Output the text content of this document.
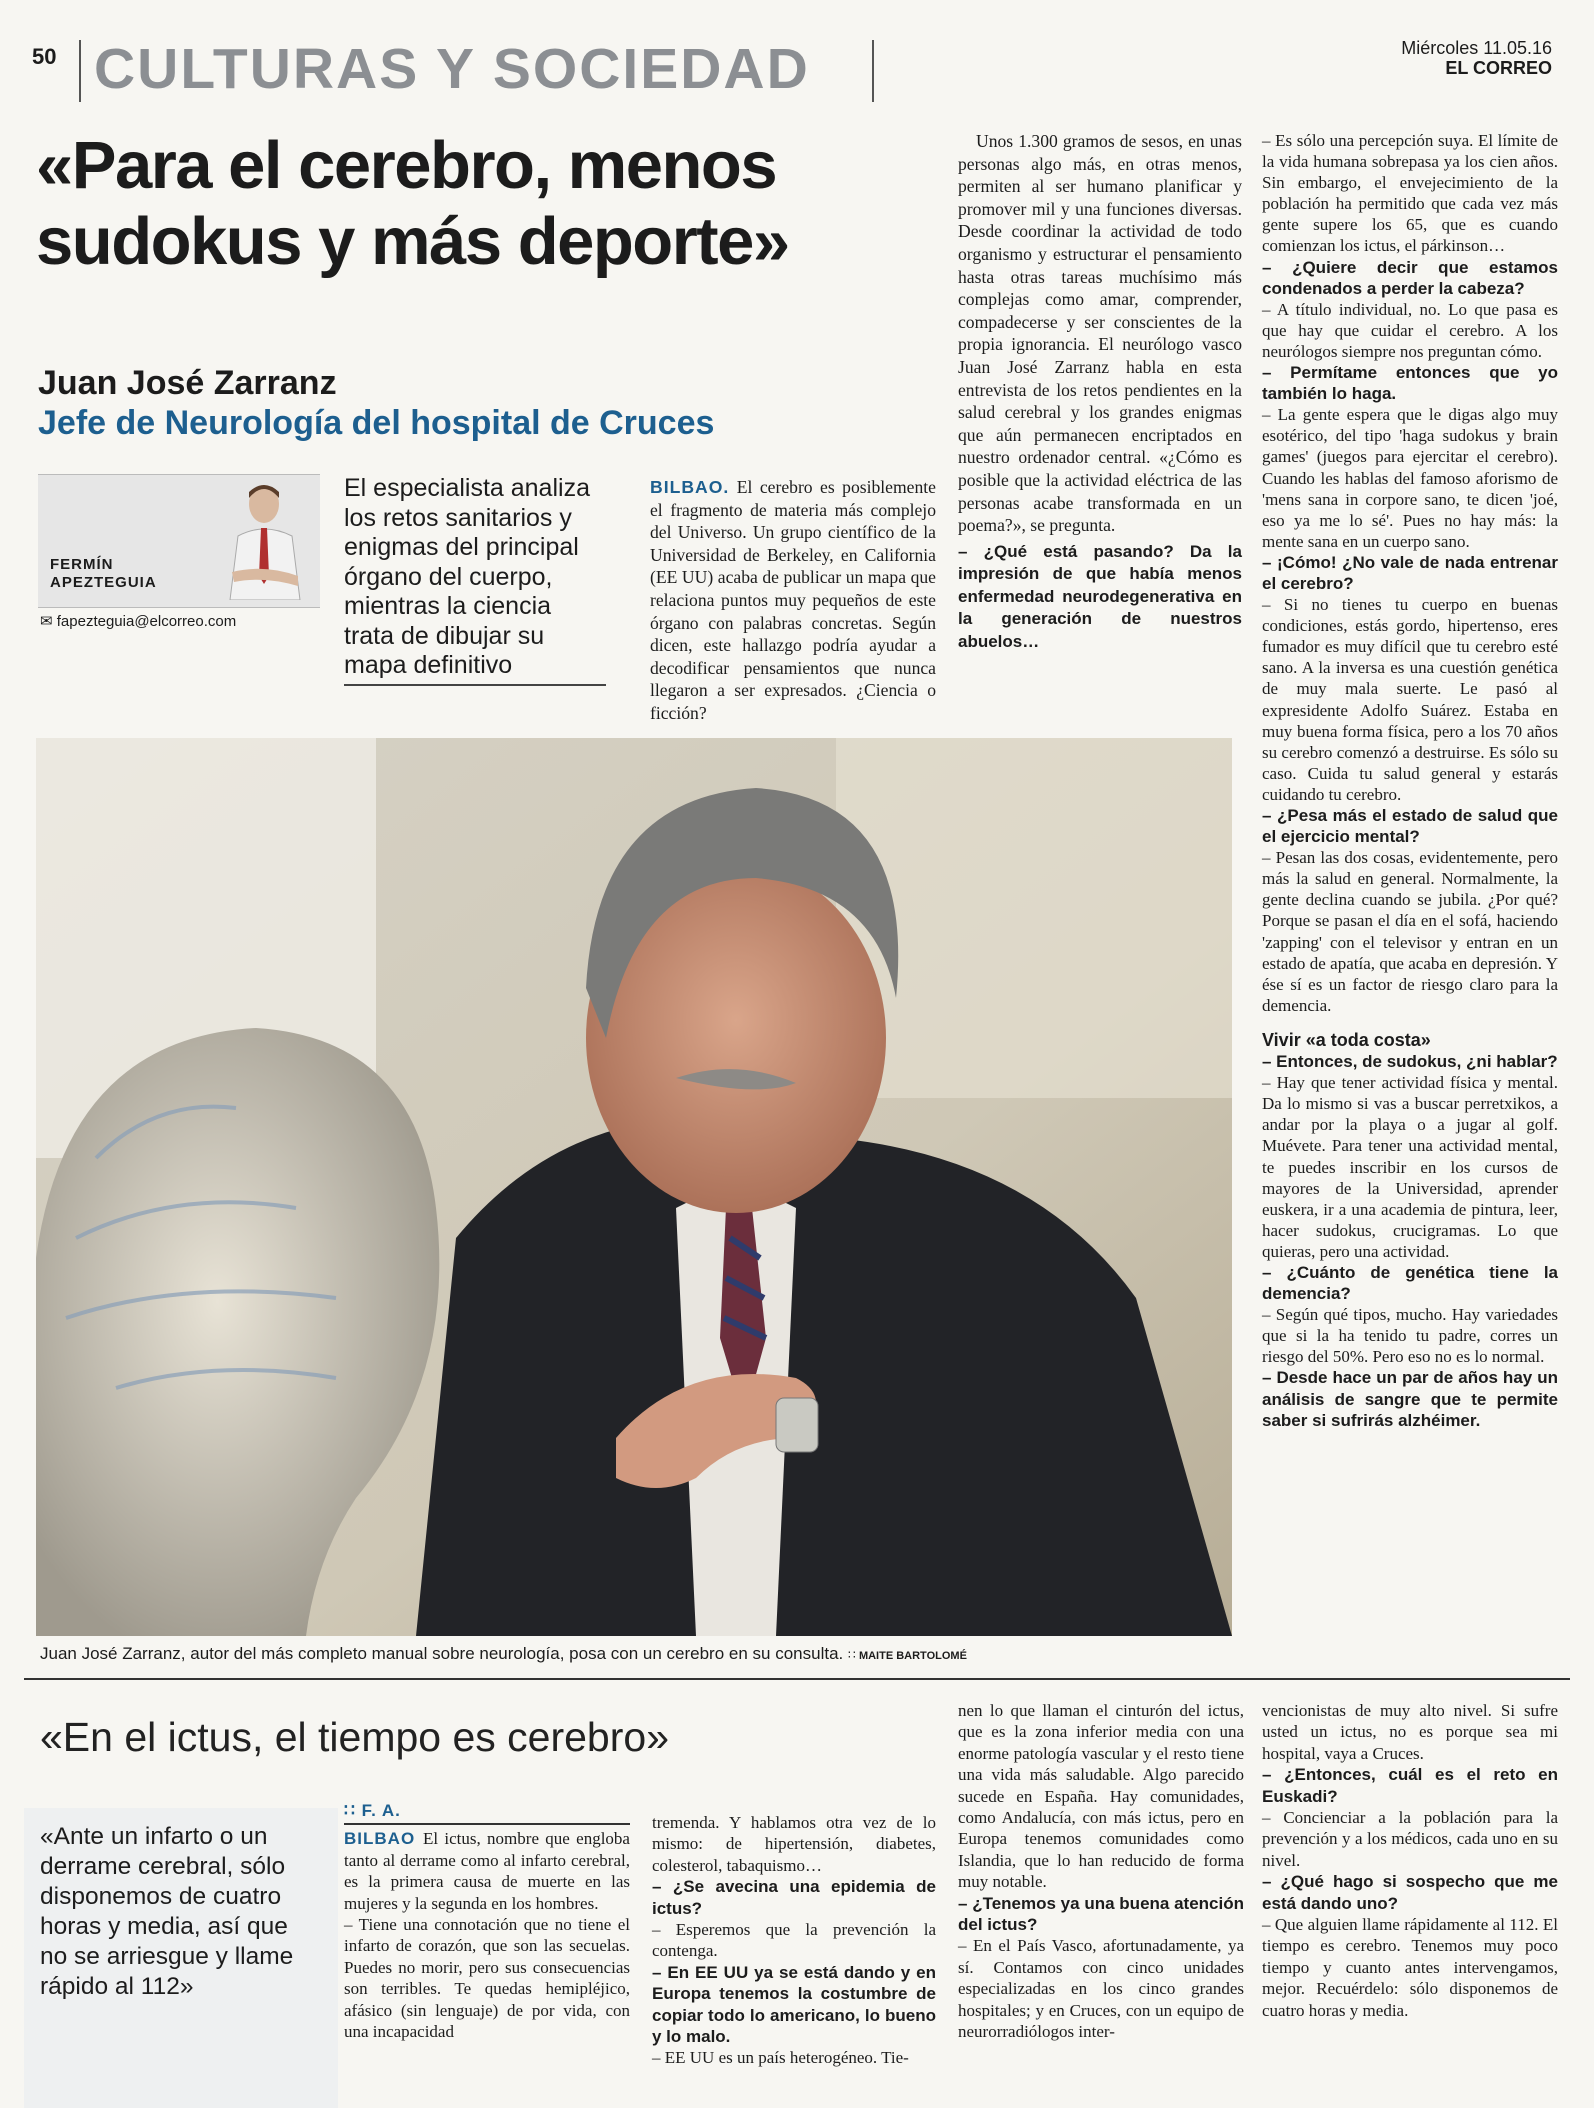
50 CULTURAS Y SOCIEDAD	Miércoles 11.05.16
EL CORREO
«Para el cerebro, menos sudokus y más deporte»
Juan José Zarranz
Jefe de Neurología del hospital de Cruces
FERMÍN
APEZTEGUIA
✉ fapezteguia@elcorreo.com
El especialista analiza los retos sanitarios y enigmas del principal órgano del cuerpo, mientras la ciencia trata de dibujar su mapa definitivo

BILBAO. El cerebro es posiblemente el fragmento de materia más complejo del Universo. Un grupo científico de la Universidad de Berkeley, en California (EE UU) acaba de publicar un mapa que relaciona puntos muy pequeños de este órgano con palabras concretas. Según dicen, este hallazgo podría ayudar a decodificar pensamientos que nunca llegaron a ser expresados. ¿Ciencia o ficción?

Unos 1.300 gramos de sesos, en unas personas algo más, en otras menos, permiten al ser humano planificar y promover mil y una funciones diversas. Desde coordinar la actividad de todo organismo y estructurar el pensamiento hasta otras tareas muchísimo más complejas como amar, comprender, compadecerse y ser conscientes de la propia ignorancia. El neurólogo vasco Juan José Zarranz habla en esta entrevista de los retos pendientes en la salud cerebral y los grandes enigmas que aún permanecen encriptados en nuestro ordenador central. «¿Cómo es posible que la actividad eléctrica de las personas acabe transformada en un poema?», se pregunta.

– ¿Qué está pasando? Da la impresión de que había menos enfermedad neurodegenerativa en la generación de nuestros abuelos…

– Es sólo una percepción suya. El límite de la vida humana sobrepasa ya los cien años. Sin embargo, el envejecimiento de la población ha permitido que cada vez más gente supere los 65, que es cuando comienzan los ictus, el párkinson…

– ¿Quiere decir que estamos condenados a perder la cabeza?

– A título individual, no. Lo que pasa es que hay que cuidar el cerebro. A los neurólogos siempre nos preguntan cómo.

– Permítame entonces que yo también lo haga.

– La gente espera que le digas algo muy esotérico, del tipo 'haga sudokus y brain games' (juegos para ejercitar el cerebro). Cuando les hablas del famoso aforismo de 'mens sana in corpore sano, te dicen 'joé, eso ya me lo sé'. Pues no hay más: la mente sana en un cuerpo sano.

– ¡Cómo! ¿No vale de nada entrenar el cerebro?

– Si no tienes tu cuerpo en buenas condiciones, estás gordo, hipertenso, eres fumador es muy difícil que tu cerebro esté sano. A la inversa es una cuestión genética de muy mala suerte. Le pasó al expresidente Adolfo Suárez. Estaba en muy buena forma física, pero a los 70 años su cerebro comenzó a destruirse. Es sólo su caso. Cuida tu salud general y estarás cuidando tu cerebro.

– ¿Pesa más el estado de salud que el ejercicio mental?

– Pesan las dos cosas, evidentemente, pero más la salud en general. Normalmente, la gente declina cuando se jubila. ¿Por qué? Porque se pasan el día en el sofá, haciendo 'zapping' con el televisor y entran en un estado de apatía, que acaba en depresión. Y ése sí es un factor de riesgo claro para la demencia.

Vivir «a toda costa»

– Entonces, de sudokus, ¿ni hablar?

– Hay que tener actividad física y mental. Da lo mismo si vas a buscar perretxikos, a andar por la playa o a jugar al golf. Muévete. Para tener una actividad mental, te puedes inscribir en los cursos de mayores de la Universidad, aprender euskera, ir a una academia de pintura, leer, hacer sudokus, crucigramas. Lo que quieras, pero una actividad.

– ¿Cuánto de genética tiene la demencia?

– Según qué tipos, mucho. Hay variedades que si la ha tenido tu padre, corres un riesgo del 50%. Pero eso no es lo normal.

– Desde hace un par de años hay un análisis de sangre que te permite saber si sufrirás alzhéimer.

Juan José Zarranz, autor del más completo manual sobre neurología, posa con un cerebro en su consulta. ∷ MAITE BARTOLOMÉ
«En el ictus, el tiempo es cerebro»
«Ante un infarto o un derrame cerebral, sólo disponemos de cuatro horas y media, así que no se arriesgue y llame rápido al 112»

∷ F. A.

BILBAO El ictus, nombre que engloba tanto al derrame como al infarto cerebral, es la primera causa de muerte en las mujeres y la segunda en los hombres.

– Tiene una connotación que no tiene el infarto de corazón, que son las secuelas. Puedes no morir, pero sus consecuencias son terribles. Te quedas hemipléjico, afásico (sin lenguaje) de por vida, con una incapacidad

tremenda. Y hablamos otra vez de lo mismo: de hipertensión, diabetes, colesterol, tabaquismo…

– ¿Se avecina una epidemia de ictus?

– Esperemos que la prevención la contenga.

– En EE UU ya se está dando y en Europa tenemos la costumbre de copiar todo lo americano, lo bueno y lo malo.

– EE UU es un país heterogéneo. Tie-

nen lo que llaman el cinturón del ictus, que es la zona inferior media con una enorme patología vascular y el resto tiene una vida más saludable. Algo parecido sucede en España. Hay comunidades, como Andalucía, con más ictus, pero en Europa tenemos comunidades como Islandia, que lo han reducido de forma muy notable.

– ¿Tenemos ya una buena atención del ictus?

– En el País Vasco, afortunadamente, ya sí. Contamos con cinco unidades especializadas en los cinco grandes hospitales; y en Cruces, con un equipo de neurorradiólogos inter-

vencionistas de muy alto nivel. Si sufre usted un ictus, no es porque sea mi hospital, vaya a Cruces.

– ¿Entonces, cuál es el reto en Euskadi?

– Concienciar a la población para la prevención y a los médicos, cada uno en su nivel.

– ¿Qué hago si sospecho que me está dando uno?

– Que alguien llame rápidamente al 112. El tiempo es cerebro. Tenemos muy poco tiempo y cuanto antes intervengamos, mejor. Recuérdelo: sólo disponemos de cuatro horas y media.
